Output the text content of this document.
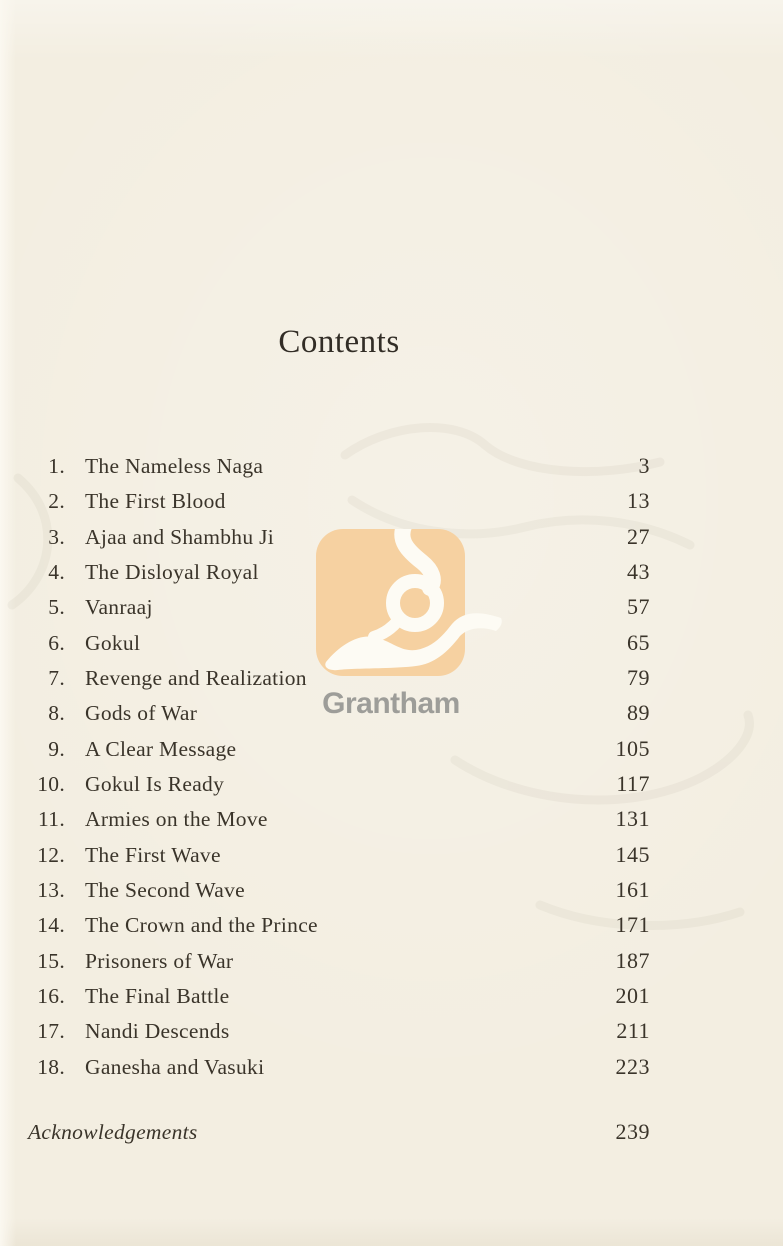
Grantham
Contents
1. The Nameless Naga	3
2. The First Blood	13
3. Ajaa and Shambhu Ji	27
4. The Disloyal Royal	43
5. Vanraaj	57
6. Gokul	65
7. Revenge and Realization	79
8. Gods of War	89
9. A Clear Message	105
10. Gokul Is Ready	117
11. Armies on the Move	131
12. The First Wave	145
13. The Second Wave	161
14. The Crown and the Prince	171
15. Prisoners of War	187
16. The Final Battle	201
17. Nandi Descends	211
18. Ganesha and Vasuki	223
Acknowledgements	239
